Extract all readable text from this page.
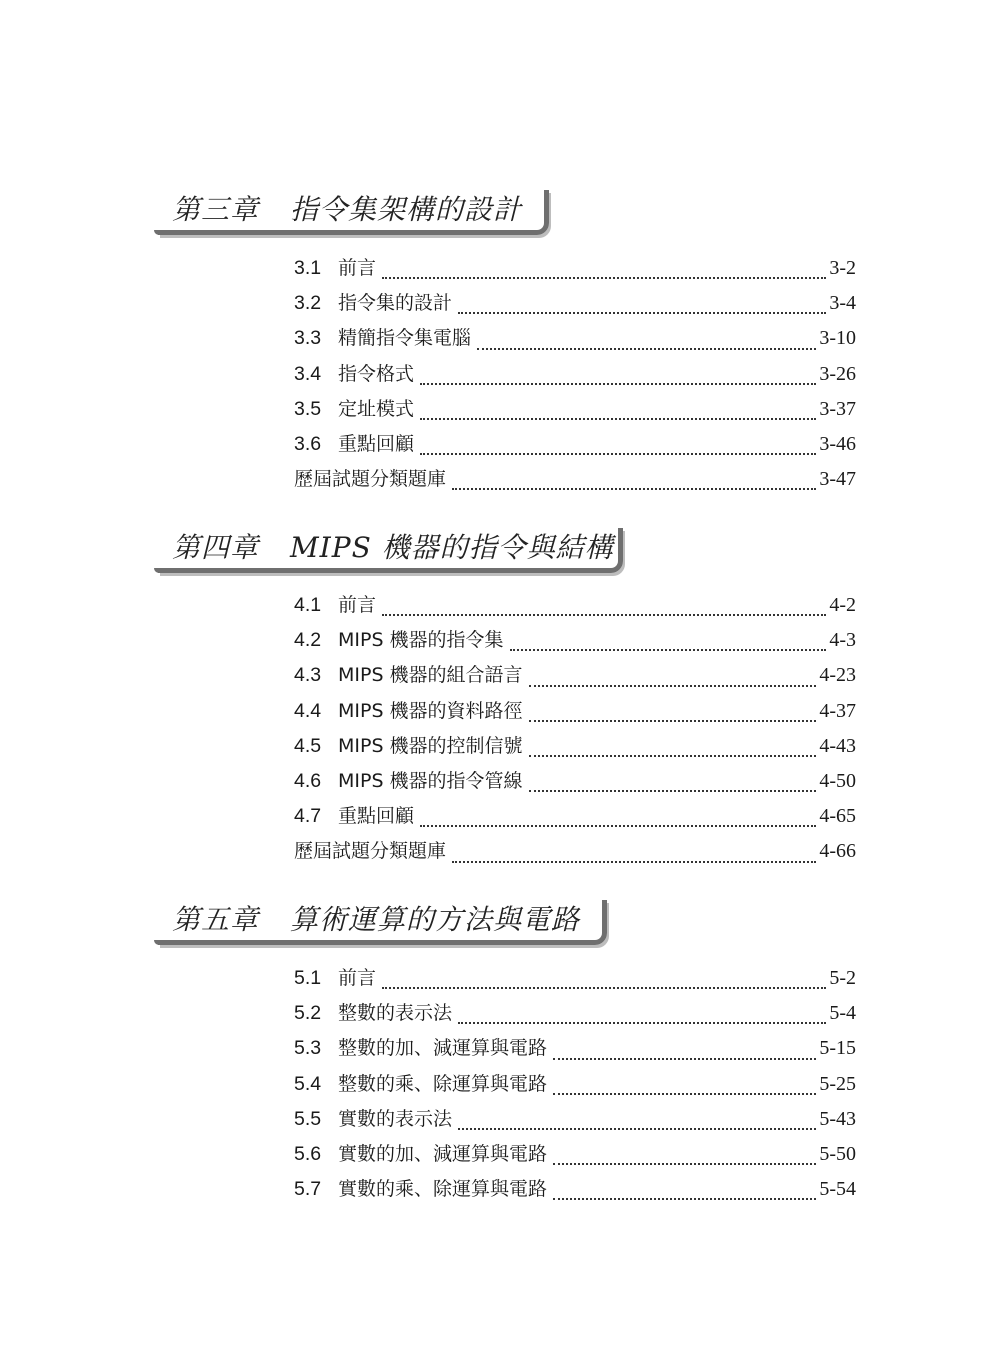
第三章 指令集架構的設計
3.1 前言	3-2
3.2 指令集的設計	3-4
3.3 精簡指令集電腦	3-10
3.4 指令格式	3-26
3.5 定址模式	3-37
3.6 重點回顧	3-46
歷屆試題分類題庫	3-47
第四章 MIPS 機器的指令與結構
4.1 前言	4-2
4.2 MIPS 機器的指令集	4-3
4.3 MIPS 機器的組合語言	4-23
4.4 MIPS 機器的資料路徑	4-37
4.5 MIPS 機器的控制信號	4-43
4.6 MIPS 機器的指令管線	4-50
4.7 重點回顧	4-65
歷屆試題分類題庫	4-66
第五章 算術運算的方法與電路
5.1 前言	5-2
5.2 整數的表示法	5-4
5.3 整數的加、減運算與電路	5-15
5.4 整數的乘、除運算與電路	5-25
5.5 實數的表示法	5-43
5.6 實數的加、減運算與電路	5-50
5.7 實數的乘、除運算與電路	5-54
